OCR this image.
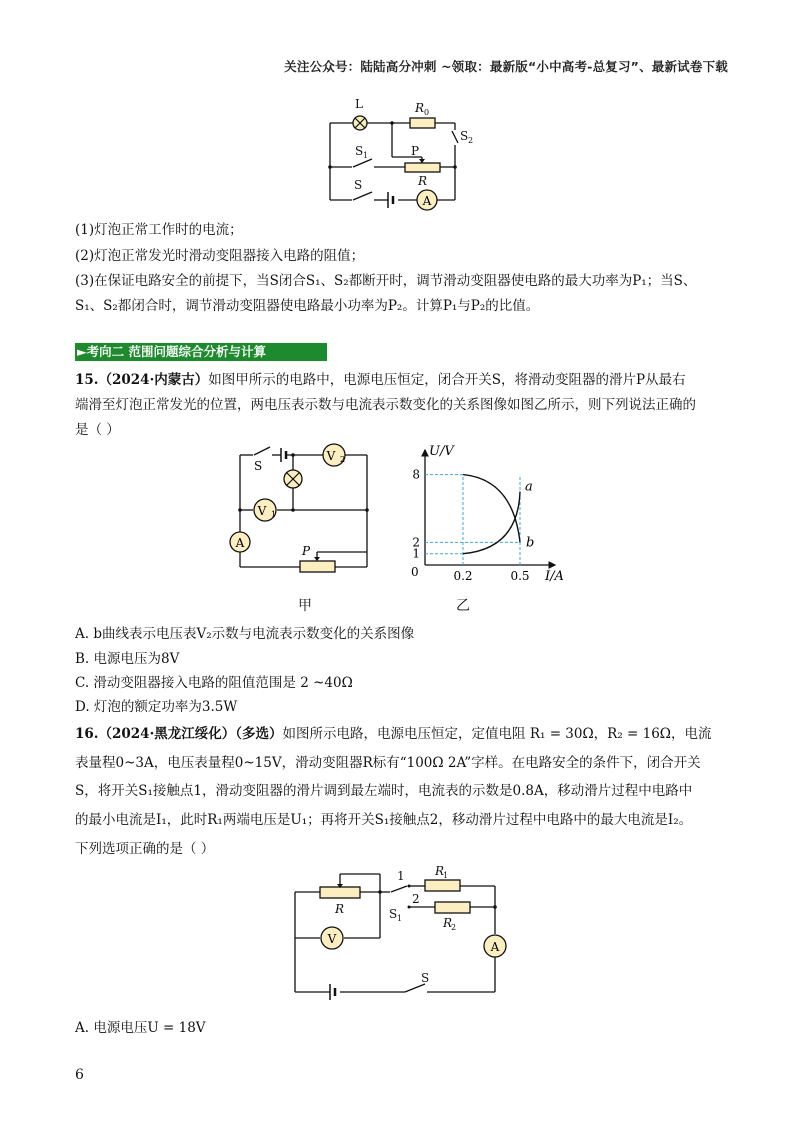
关注公众号：陆陆高分冲刺 ~领取：最新版“小中高考-总复习”、最新试卷下载
A
L	R 0
S 2
S 1	P
R
S
(1)灯泡正常工作时的电流；
(2)灯泡正常发光时滑动变阻器接入电路的阻值；
(3)在保证电路安全的前提下，当S闭合S₁、S₂都断开时，调节滑动变阻器使电路的最大功率为P₁；当S、
S₁、S₂都闭合时，调节滑动变阻器使电路最小功率为P₂。计算P₁与P₂的比值。
►考向二 范围问题综合分析与计算
15.（2024·内蒙古）如图甲所示的电路中，电源电压恒定，闭合开关S，将滑动变阻器的滑片P从最右
端滑至灯泡正常发光的位置，两电压表示数与电流表示数变化的关系图像如图乙所示，则下列说法正确的
是（ ）
V 2
V 1
A
S
P
U/V
I/A
0	0.2	0.5
1
2
8
a
b
甲	乙
A. b曲线表示电压表V₂示数与电流表示数变化的关系图像
B. 电源电压为8V
C. 滑动变阻器接入电路的阻值范围是 2 ~40Ω
D. 灯泡的额定功率为3.5W
16.（2024·黑龙江绥化）（多选）如图所示电路，电源电压恒定，定值电阻 R₁ = 30Ω，R₂ = 16Ω，电流
表量程0~3A，电压表量程0~15V，滑动变阻器R标有“100Ω 2A”字样。在电路安全的条件下，闭合开关
S，将开关S₁接触点1，滑动变阻器的滑片调到最左端时，电流表的示数是0.8A，移动滑片过程中电路中
的最小电流是I₁，此时R₁两端电压是U₁；再将开关S₁接触点2，移动滑片过程中电路中的最大电流是I₂。
下列选项正确的是（ ）
V
A
R
R
1
R
2
S 1
1
2
S
A. 电源电压U = 18V
6
